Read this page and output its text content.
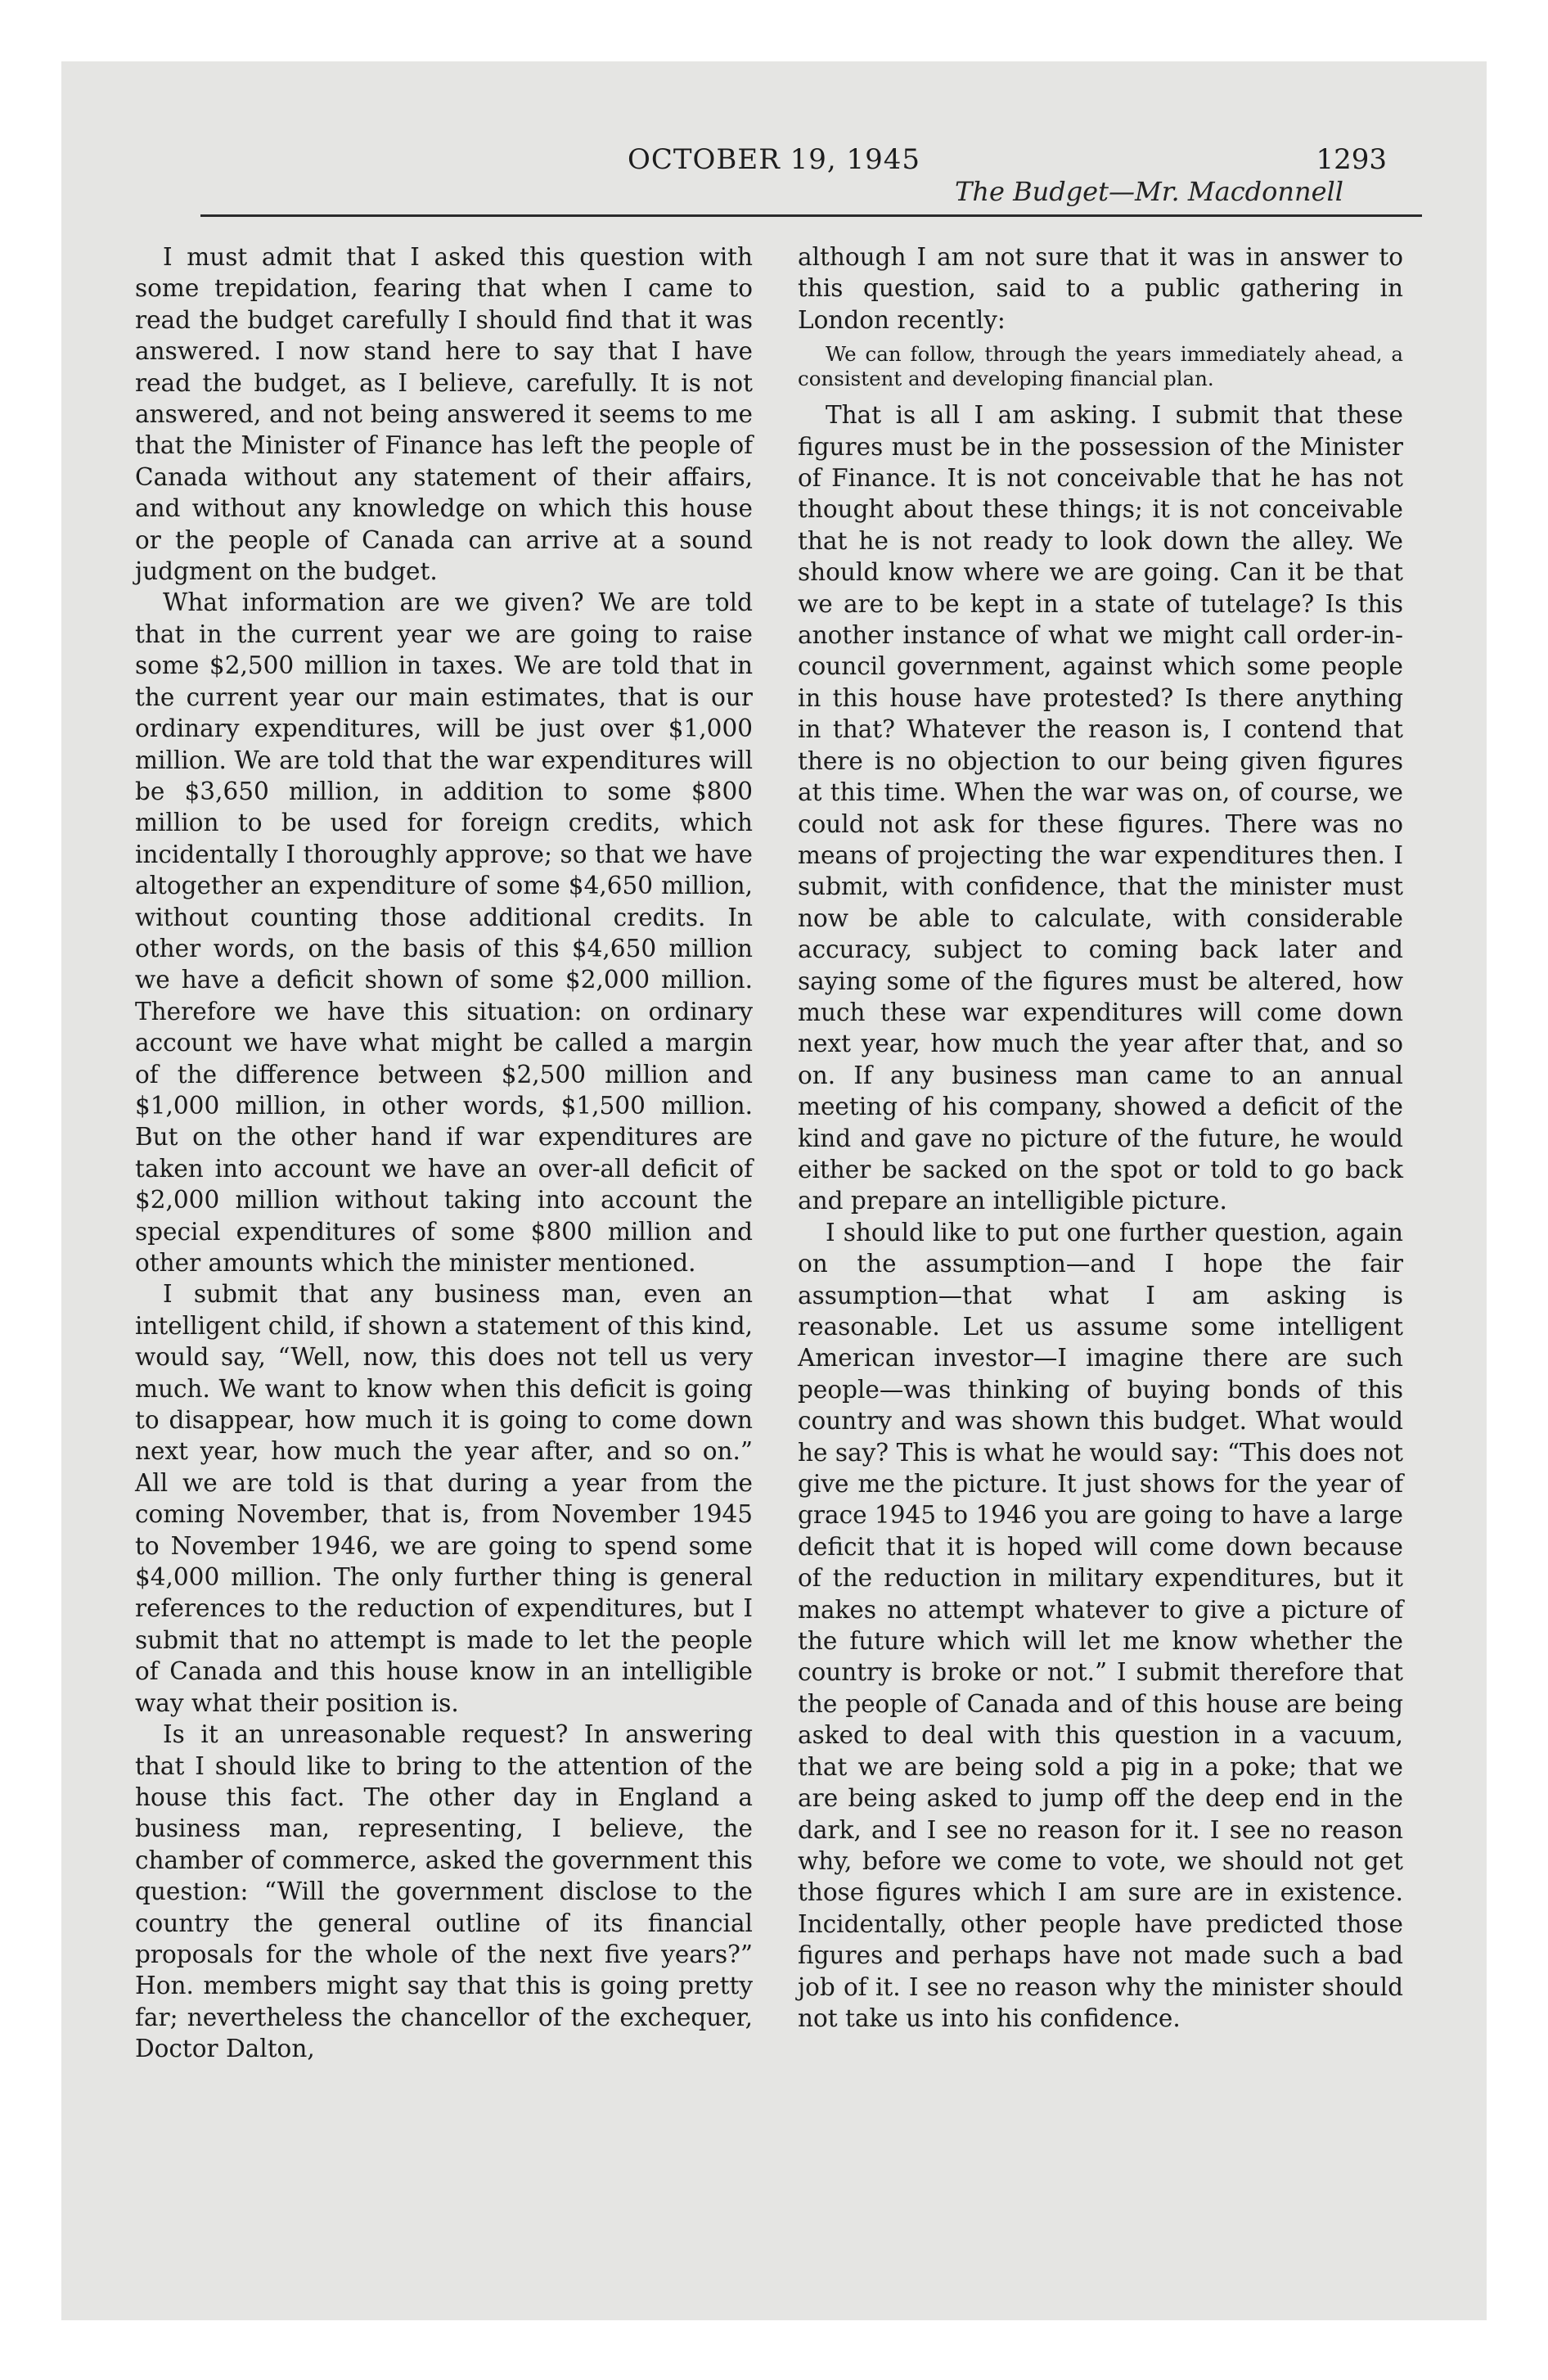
OCTOBER 19, 1945	1293
The Budget—Mr. Macdonnell

I must admit that I asked this question with some trepidation, fearing that when I came to read the budget carefully I should find that it was answered. I now stand here to say that I have read the budget, as I believe, carefully. It is not answered, and not being answered it seems to me that the Minister of Finance has left the people of Canada without any statement of their affairs, and without any knowledge on which this house or the people of Canada can arrive at a sound judgment on the budget.

What information are we given? We are told that in the current year we are going to raise some $2,500 million in taxes. We are told that in the current year our main estimates, that is our ordinary expenditures, will be just over $1,000 million. We are told that the war expenditures will be $3,650 million, in addition to some $800 million to be used for foreign credits, which incidentally I thoroughly approve; so that we have altogether an expenditure of some $4,650 million, without counting those additional credits. In other words, on the basis of this $4,650 million we have a deficit shown of some $2,000 million. Therefore we have this situation: on ordinary account we have what might be called a margin of the difference between $2,500 million and $1,000 million, in other words, $1,500 million. But on the other hand if war expenditures are taken into account we have an over-all deficit of $2,000 million without taking into account the special expenditures of some $800 million and other amounts which the minister mentioned.

I submit that any business man, even an intelligent child, if shown a statement of this kind, would say, “Well, now, this does not tell us very much. We want to know when this deficit is going to disappear, how much it is going to come down next year, how much the year after, and so on.” All we are told is that during a year from the coming November, that is, from November 1945 to November 1946, we are going to spend some $4,000 million. The only further thing is general references to the reduction of expenditures, but I submit that no attempt is made to let the people of Canada and this house know in an intelligible way what their position is.

Is it an unreasonable request? In answering that I should like to bring to the attention of the house this fact. The other day in England a business man, representing, I believe, the chamber of commerce, asked the government this question: “Will the government disclose to the country the general outline of its financial proposals for the whole of the next five years?” Hon. members might say that this is going pretty far; nevertheless the chancellor of the exchequer, Doctor Dalton,

although I am not sure that it was in answer to this question, said to a public gathering in London recently:

We can follow, through the years immediately ahead, a consistent and developing financial plan.

That is all I am asking. I submit that these figures must be in the possession of the Minister of Finance. It is not conceivable that he has not thought about these things; it is not conceivable that he is not ready to look down the alley. We should know where we are going. Can it be that we are to be kept in a state of tutelage? Is this another instance of what we might call order-in-council government, against which some people in this house have protested? Is there anything in that? Whatever the reason is, I contend that there is no objection to our being given figures at this time. When the war was on, of course, we could not ask for these figures. There was no means of projecting the war expenditures then. I submit, with confidence, that the minister must now be able to calculate, with considerable accuracy, subject to coming back later and saying some of the figures must be altered, how much these war expenditures will come down next year, how much the year after that, and so on. If any business man came to an annual meeting of his company, showed a deficit of the kind and gave no picture of the future, he would either be sacked on the spot or told to go back and prepare an intelligible picture.

I should like to put one further question, again on the assumption—and I hope the fair assumption—that what I am asking is reasonable. Let us assume some intelligent American investor—I imagine there are such people—was thinking of buying bonds of this country and was shown this budget. What would he say? This is what he would say: “This does not give me the picture. It just shows for the year of grace 1945 to 1946 you are going to have a large deficit that it is hoped will come down because of the reduction in military expenditures, but it makes no attempt whatever to give a picture of the future which will let me know whether the country is broke or not.” I submit therefore that the people of Canada and of this house are being asked to deal with this question in a vacuum, that we are being sold a pig in a poke; that we are being asked to jump off the deep end in the dark, and I see no reason for it. I see no reason why, before we come to vote, we should not get those figures which I am sure are in existence. Incidentally, other people have predicted those figures and perhaps have not made such a bad job of it. I see no reason why the minister should not take us into his confidence.
